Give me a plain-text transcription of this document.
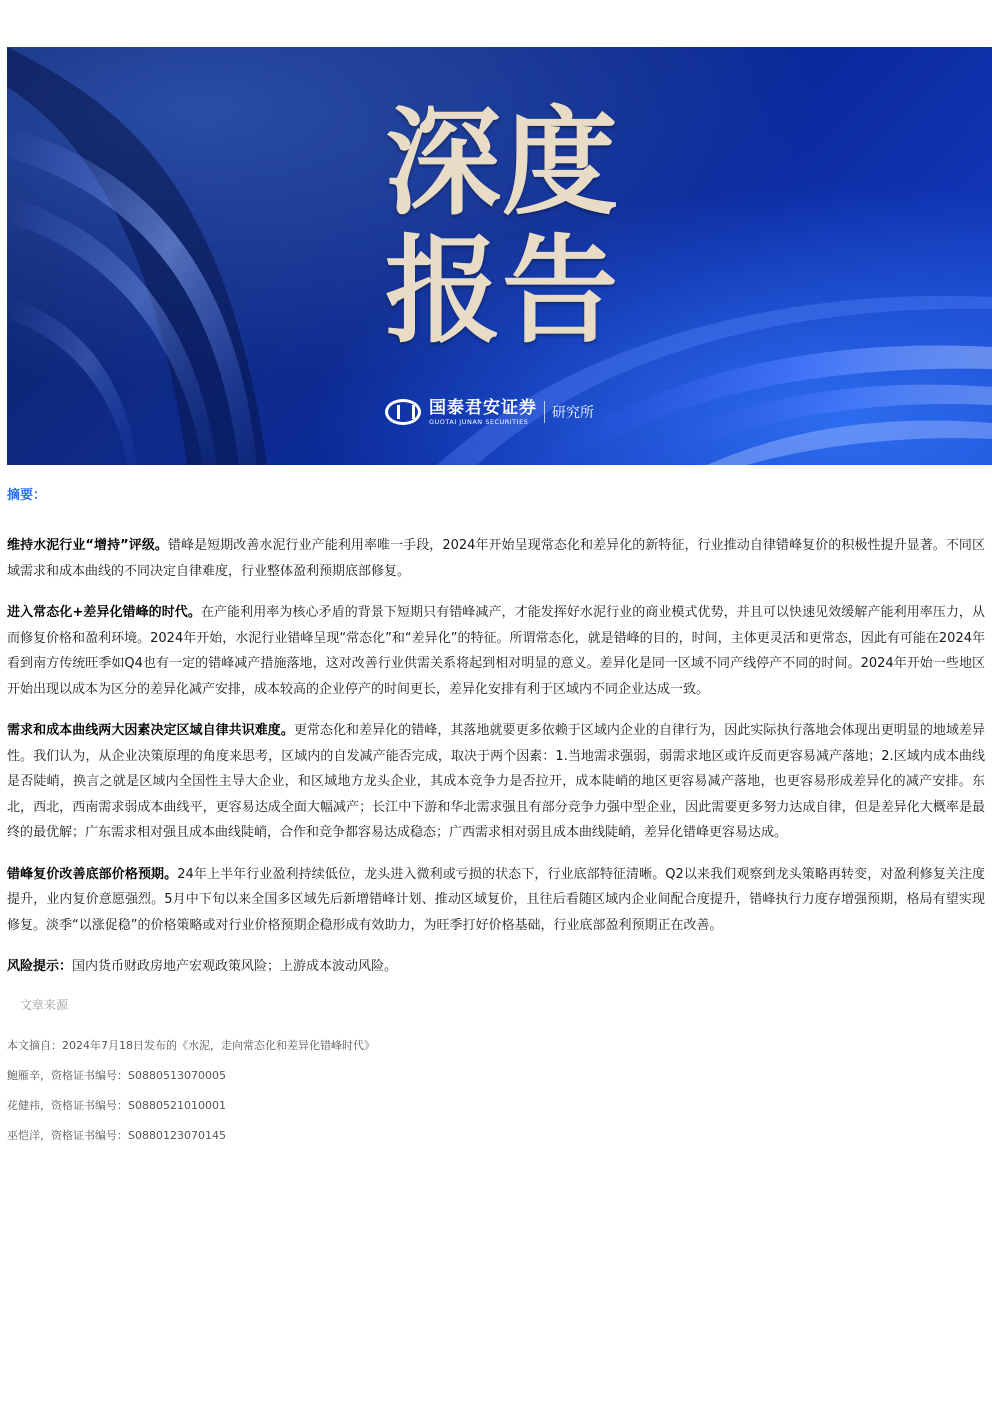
深 度
报 告
国泰君安证券
GUOTAI JUNAN SECURITIES
研究所
摘要：

维持水泥行业“增持”评级。错峰是短期改善水泥行业产能利用率唯一手段，2024年开始呈现常态化和差异化的新特征，行业推动自律错峰复价的积极性提升显著。不同区域需求和成本曲线的不同决定自律难度，行业整体盈利预期底部修复。

进入常态化+差异化错峰的时代。在产能利用率为核心矛盾的背景下短期只有错峰减产，才能发挥好水泥行业的商业模式优势，并且可以快速见效缓解产能利用率压力，从而修复价格和盈利环境。2024年开始，水泥行业错峰呈现“常态化”和“差异化”的特征。所谓常态化，就是错峰的目的，时间，主体更灵活和更常态，因此有可能在2024年看到南方传统旺季如Q4也有一定的错峰减产措施落地，这对改善行业供需关系将起到相对明显的意义。差异化是同一区域不同产线停产不同的时间。2024年开始一些地区开始出现以成本为区分的差异化减产安排，成本较高的企业停产的时间更长，差异化安排有利于区域内不同企业达成一致。

需求和成本曲线两大因素决定区域自律共识难度。更常态化和差异化的错峰，其落地就要更多依赖于区域内企业的自律行为，因此实际执行落地会体现出更明显的地域差异性。我们认为，从企业决策原理的角度来思考，区域内的自发减产能否完成，取决于两个因素：1.当地需求强弱，弱需求地区或许反而更容易减产落地；2.区域内成本曲线是否陡峭，换言之就是区域内全国性主导大企业，和区域地方龙头企业，其成本竞争力是否拉开，成本陡峭的地区更容易减产落地，也更容易形成差异化的减产安排。东北，西北，西南需求弱成本曲线平，更容易达成全面大幅减产；长江中下游和华北需求强且有部分竞争力强中型企业，因此需要更多努力达成自律，但是差异化大概率是最终的最优解；广东需求相对强且成本曲线陡峭，合作和竞争都容易达成稳态；广西需求相对弱且成本曲线陡峭，差异化错峰更容易达成。

错峰复价改善底部价格预期。24年上半年行业盈利持续低位，龙头进入微利或亏损的状态下，行业底部特征清晰。Q2以来我们观察到龙头策略再转变，对盈利修复关注度提升，业内复价意愿强烈。5月中下旬以来全国多区域先后新增错峰计划、推动区域复价，且往后看随区域内企业间配合度提升，错峰执行力度存增强预期，格局有望实现修复。淡季“以涨促稳”的价格策略或对行业价格预期企稳形成有效助力，为旺季打好价格基础，行业底部盈利预期正在改善。

风险提示：国内货币财政房地产宏观政策风险；上游成本波动风险。

文章来源
本文摘自：2024年7月18日发布的《水泥，走向常态化和差异化错峰时代》
鲍雁辛，资格证书编号：S0880513070005
花健祎，资格证书编号：S0880521010001
巫恺洋，资格证书编号：S0880123070145
